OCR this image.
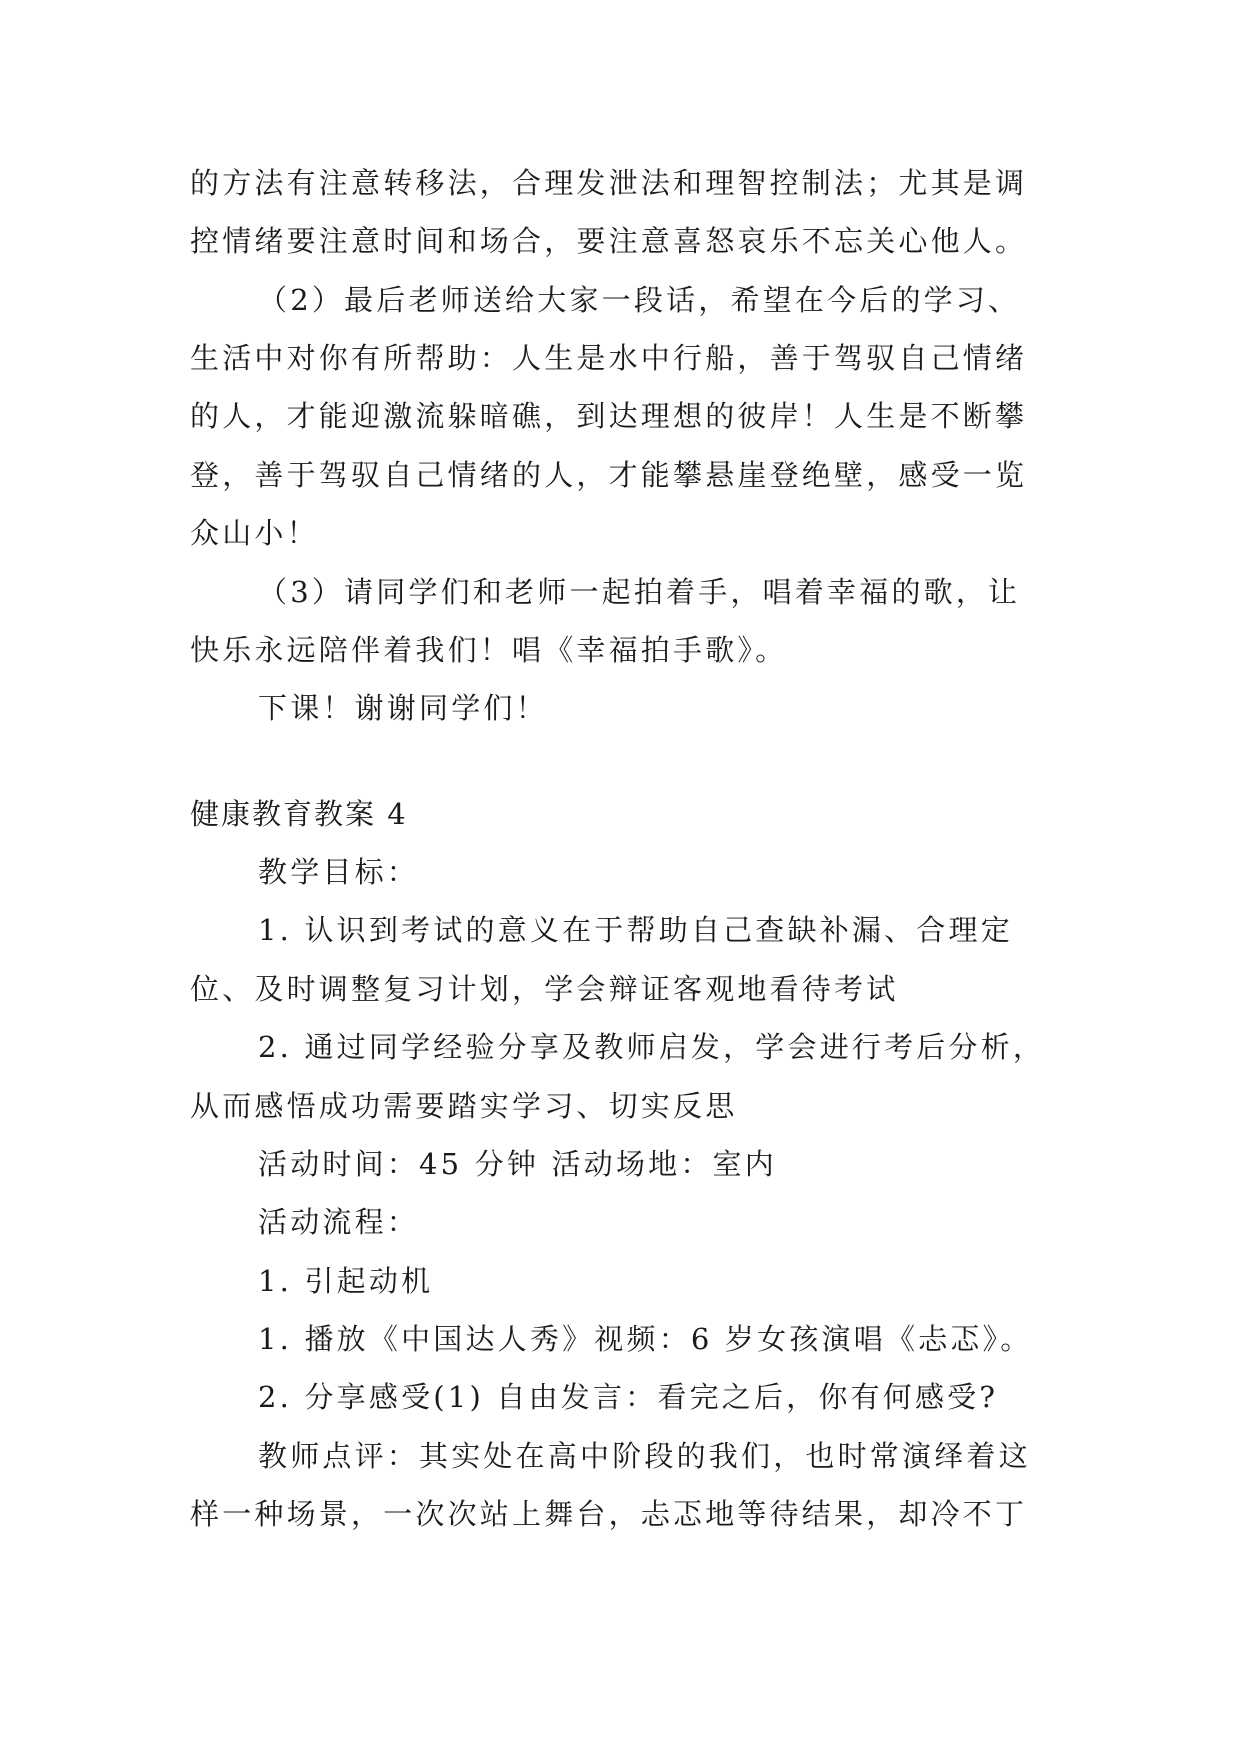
的方法有注意转移法，合理发泄法和理智控制法；尤其是调

控情绪要注意时间和场合，要注意喜怒哀乐不忘关心他人。

（2）最后老师送给大家一段话，希望在今后的学习、

生活中对你有所帮助：人生是水中行船，善于驾驭自己情绪

的人，才能迎激流躲暗礁，到达理想的彼岸！人生是不断攀

登，善于驾驭自己情绪的人，才能攀悬崖登绝壁，感受一览

众山小！

（3）请同学们和老师一起拍着手，唱着幸福的歌，让

快乐永远陪伴着我们！唱《幸福拍手歌》。

下课！谢谢同学们！

健康教育教案 4

教学目标：

1. 认识到考试的意义在于帮助自己查缺补漏、合理定

位、及时调整复习计划，学会辩证客观地看待考试

2. 通过同学经验分享及教师启发，学会进行考后分析，

从而感悟成功需要踏实学习、切实反思

活动时间：45 分钟 活动场地：室内

活动流程：

1. 引起动机

1. 播放《中国达人秀》视频：6 岁女孩演唱《忐忑》。

2. 分享感受(1) 自由发言：看完之后，你有何感受?

教师点评：其实处在高中阶段的我们，也时常演绎着这

样一种场景，一次次站上舞台，忐忑地等待结果，却冷不丁
